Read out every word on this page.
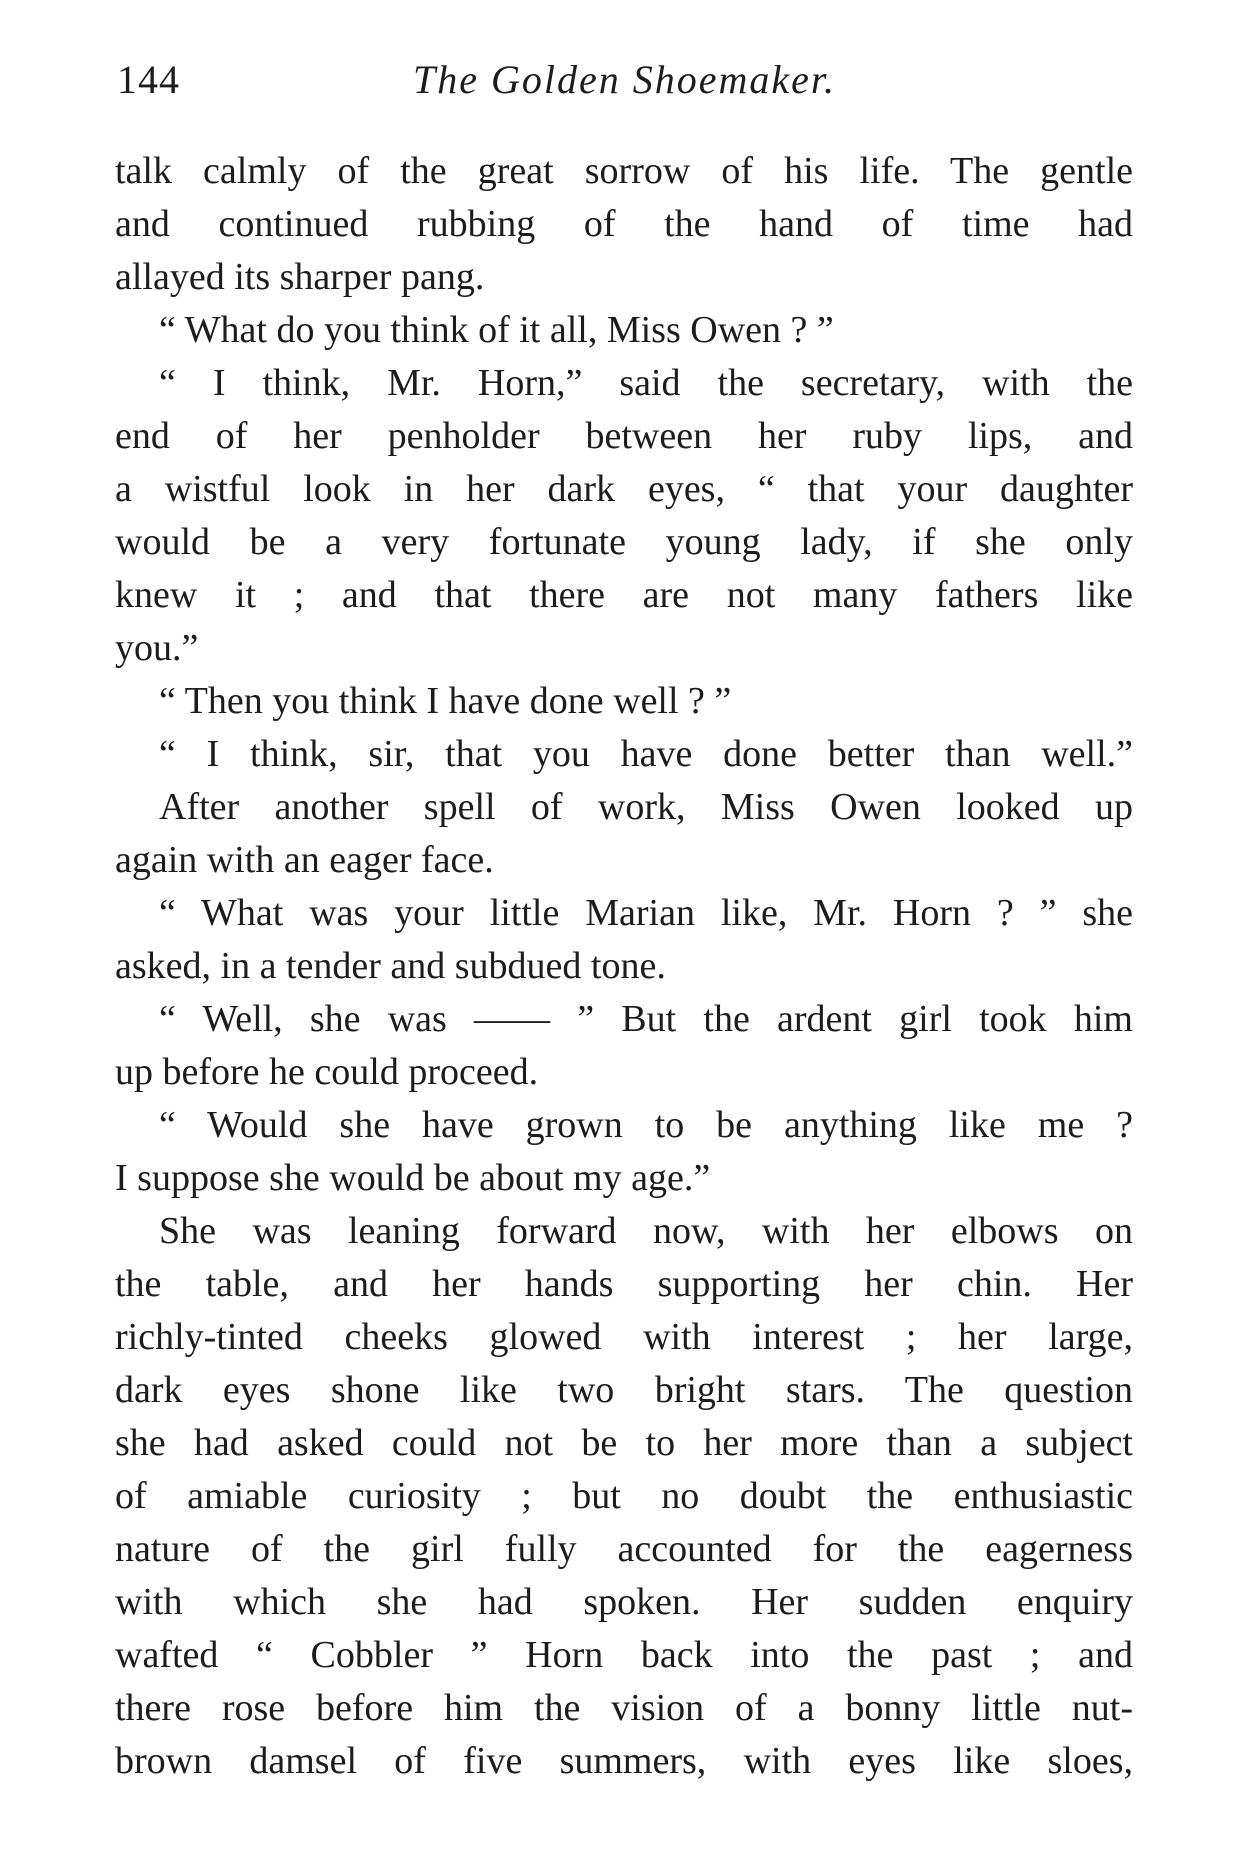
144	The Golden Shoemaker.
talk calmly of the great sorrow of his life. The gentle
and continued rubbing of the hand of time had
allayed its sharper pang.
“ What do you think of it all, Miss Owen ? ”
“ I think, Mr. Horn,” said the secretary, with the
end of her penholder between her ruby lips, and
a wistful look in her dark eyes, “ that your daughter
would be a very fortunate young lady, if she only
knew it ; and that there are not many fathers like
you.”
“ Then you think I have done well ? ”
“ I think, sir, that you have done better than well.”
After another spell of work, Miss Owen looked up
again with an eager face.
“ What was your little Marian like, Mr. Horn ? ” she
asked, in a tender and subdued tone.
“ Well, she was —— ” But the ardent girl took him
up before he could proceed.
“ Would she have grown to be anything like me ?
I suppose she would be about my age.”
She was leaning forward now, with her elbows on
the table, and her hands supporting her chin. Her
richly-tinted cheeks glowed with interest ; her large,
dark eyes shone like two bright stars. The question
she had asked could not be to her more than a subject
of amiable curiosity ; but no doubt the enthusiastic
nature of the girl fully accounted for the eagerness
with which she had spoken. Her sudden enquiry
wafted “ Cobbler ” Horn back into the past ; and
there rose before him the vision of a bonny little nut-
brown damsel of five summers, with eyes like sloes,
